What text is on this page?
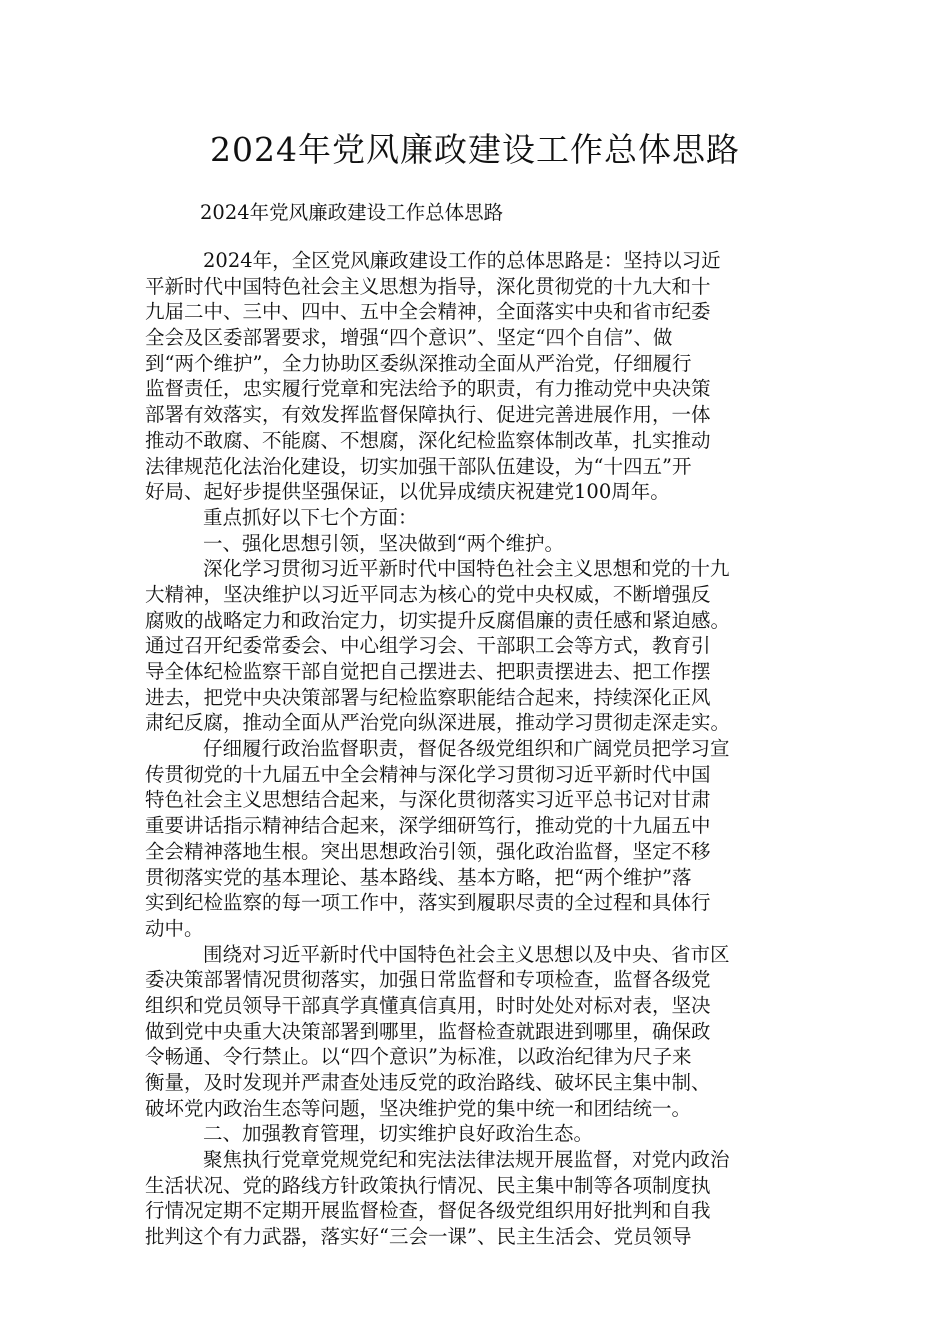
2024年党风廉政建设工作总体思路
2024年党风廉政建设工作总体思路
2024年，全区党风廉政建设工作的总体思路是：坚持以习近
平新时代中国特色社会主义思想为指导，深化贯彻党的十九大和十
九届二中、三中、四中、五中全会精神，全面落实中央和省市纪委
全会及区委部署要求，增强“四个意识”、坚定“四个自信”、做
到“两个维护”，全力协助区委纵深推动全面从严治党，仔细履行
监督责任，忠实履行党章和宪法给予的职责，有力推动党中央决策
部署有效落实，有效发挥监督保障执行、促进完善进展作用，一体
推动不敢腐、不能腐、不想腐，深化纪检监察体制改革，扎实推动
法律规范化法治化建设，切实加强干部队伍建设，为“十四五”开
好局、起好步提供坚强保证，以优异成绩庆祝建党100周年。
重点抓好以下七个方面：
一、强化思想引领，坚决做到“两个维护。
深化学习贯彻习近平新时代中国特色社会主义思想和党的十九
大精神，坚决维护以习近平同志为核心的党中央权威，不断增强反
腐败的战略定力和政治定力，切实提升反腐倡廉的责任感和紧迫感。
通过召开纪委常委会、中心组学习会、干部职工会等方式，教育引
导全体纪检监察干部自觉把自己摆进去、把职责摆进去、把工作摆
进去，把党中央决策部署与纪检监察职能结合起来，持续深化正风
肃纪反腐，推动全面从严治党向纵深进展，推动学习贯彻走深走实。
仔细履行政治监督职责，督促各级党组织和广阔党员把学习宣
传贯彻党的十九届五中全会精神与深化学习贯彻习近平新时代中国
特色社会主义思想结合起来，与深化贯彻落实习近平总书记对甘肃
重要讲话指示精神结合起来，深学细研笃行，推动党的十九届五中
全会精神落地生根。突出思想政治引领，强化政治监督，坚定不移
贯彻落实党的基本理论、基本路线、基本方略，把“两个维护”落
实到纪检监察的每一项工作中，落实到履职尽责的全过程和具体行
动中。
围绕对习近平新时代中国特色社会主义思想以及中央、省市区
委决策部署情况贯彻落实，加强日常监督和专项检查，监督各级党
组织和党员领导干部真学真懂真信真用，时时处处对标对表，坚决
做到党中央重大决策部署到哪里，监督检查就跟进到哪里，确保政
令畅通、令行禁止。以“四个意识”为标准，以政治纪律为尺子来
衡量，及时发现并严肃查处违反党的政治路线、破坏民主集中制、
破坏党内政治生态等问题，坚决维护党的集中统一和团结统一。
二、加强教育管理，切实维护良好政治生态。
聚焦执行党章党规党纪和宪法法律法规开展监督，对党内政治
生活状况、党的路线方针政策执行情况、民主集中制等各项制度执
行情况定期不定期开展监督检查，督促各级党组织用好批判和自我
批判这个有力武器，落实好“三会一课”、民主生活会、党员领导
